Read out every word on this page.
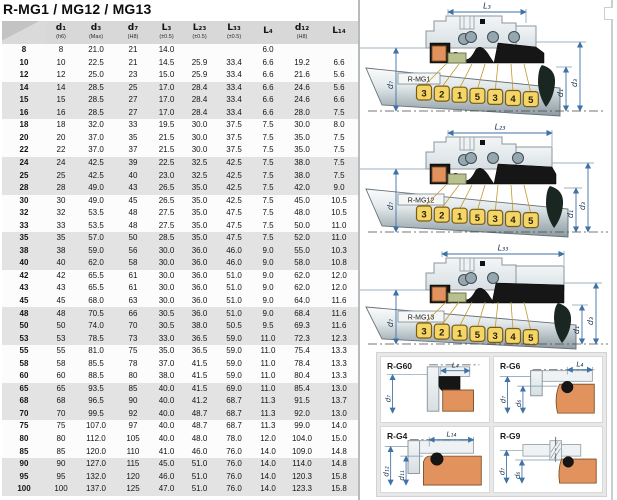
R-MG1 / MG12 / MG13

d₁
(h6)

d₃
(Max)

d₇
(H8)

L₃
(±0.5)

L₂₃
(±0.5)

L₃₃
(±0.5)

L₄	d₁₂
(H8)

L₁₄

8	8	21.0	21	14.0			6.0		
10	10	22.5	21	14.5	25.9	33.4	6.6	19.2	6.6
12	12	25.0	23	15.0	25.9	33.4	6.6	21.6	5.6
14	14	28.5	25	17.0	28.4	33.4	6.6	24.6	5.6
15	15	28.5	27	17.0	28.4	33.4	6.6	24.6	6.6
16	16	28.5	27	17.0	28.4	33.4	6.6	28.0	7.5
18	18	32.0	33	19.5	30.0	37.5	7.5	30.0	8.0
20	20	37.0	35	21.5	30.0	37.5	7.5	35.0	7.5
22	22	37.0	37	21.5	30.0	37.5	7.5	35.0	7.5
24	24	42.5	39	22.5	32.5	42.5	7.5	38.0	7.5
25	25	42.5	40	23.0	32.5	42.5	7.5	38.0	7.5
28	28	49.0	43	26.5	35.0	42.5	7.5	42.0	9.0
30	30	49.0	45	26.5	35.0	42.5	7.5	45.0	10.5
32	32	53.5	48	27.5	35.0	47.5	7.5	48.0	10.5
33	33	53.5	48	27.5	35.0	47.5	7.5	50.0	11.0
35	35	57.0	50	28.5	35.0	47.5	7.5	52.0	11.0
38	38	59.0	56	30.0	36.0	46.0	9.0	55.0	10.3
40	40	62.0	58	30.0	36.0	46.0	9.0	58.0	10.8
42	42	65.5	61	30.0	36.0	51.0	9.0	62.0	12.0
43	43	65.5	61	30.0	36.0	51.0	9.0	62.0	12.0
45	45	68.0	63	30.0	36.0	51.0	9.0	64.0	11.6
48	48	70.5	66	30.5	36.0	51.0	9.0	68.4	11.6
50	50	74.0	70	30.5	38.0	50.5	9.5	69.3	11.6
53	53	78.5	73	33.0	36.5	59.0	11.0	72.3	12.3
55	55	81.0	75	35.0	36.5	59.0	11.0	75.4	13.3
58	58	85.5	78	37.0	41.5	59.0	11.0	78.4	13.3
60	60	88.5	80	38.0	41.5	59.0	11.0	80.4	13.3
65	65	93.5	85	40.0	41.5	69.0	11.0	85.4	13.0
68	68	96.5	90	40.0	41.2	68.7	11.3	91.5	13.7
70	70	99.5	92	40.0	48.7	68.7	11.3	92.0	13.0
75	75	107.0	97	40.0	48.7	68.7	11.3	99.0	14.0
80	80	112.0	105	40.0	48.0	78.0	12.0	104.0	15.0
85	85	120.0	110	41.0	46.0	76.0	14.0	109.0	14.8
90	90	127.0	115	45.0	51.0	76.0	14.0	114.0	14.8
95	95	132.0	120	46.0	51.0	76.0	14.0	120.3	15.8
100	100	137.0	125	47.0	51.0	76.0	14.0	123.3	15.8
R-MG1
3 2 1 5 3 4 5
L₃
d₇
d₁
d₃
R-MG12
3 2 1 5 3 4 5
L₂₃
d₇
d₁
d₃
R-MG13
3 2 1 5 3 4 5
L₃₃
d₇
d₁
d₃
L₄
d₇
R-G60	L₄
d₇
d₆
R-G6
L₁₄
d₁₂ d₁₁
R-G4
d₇
d₆
R-G9
